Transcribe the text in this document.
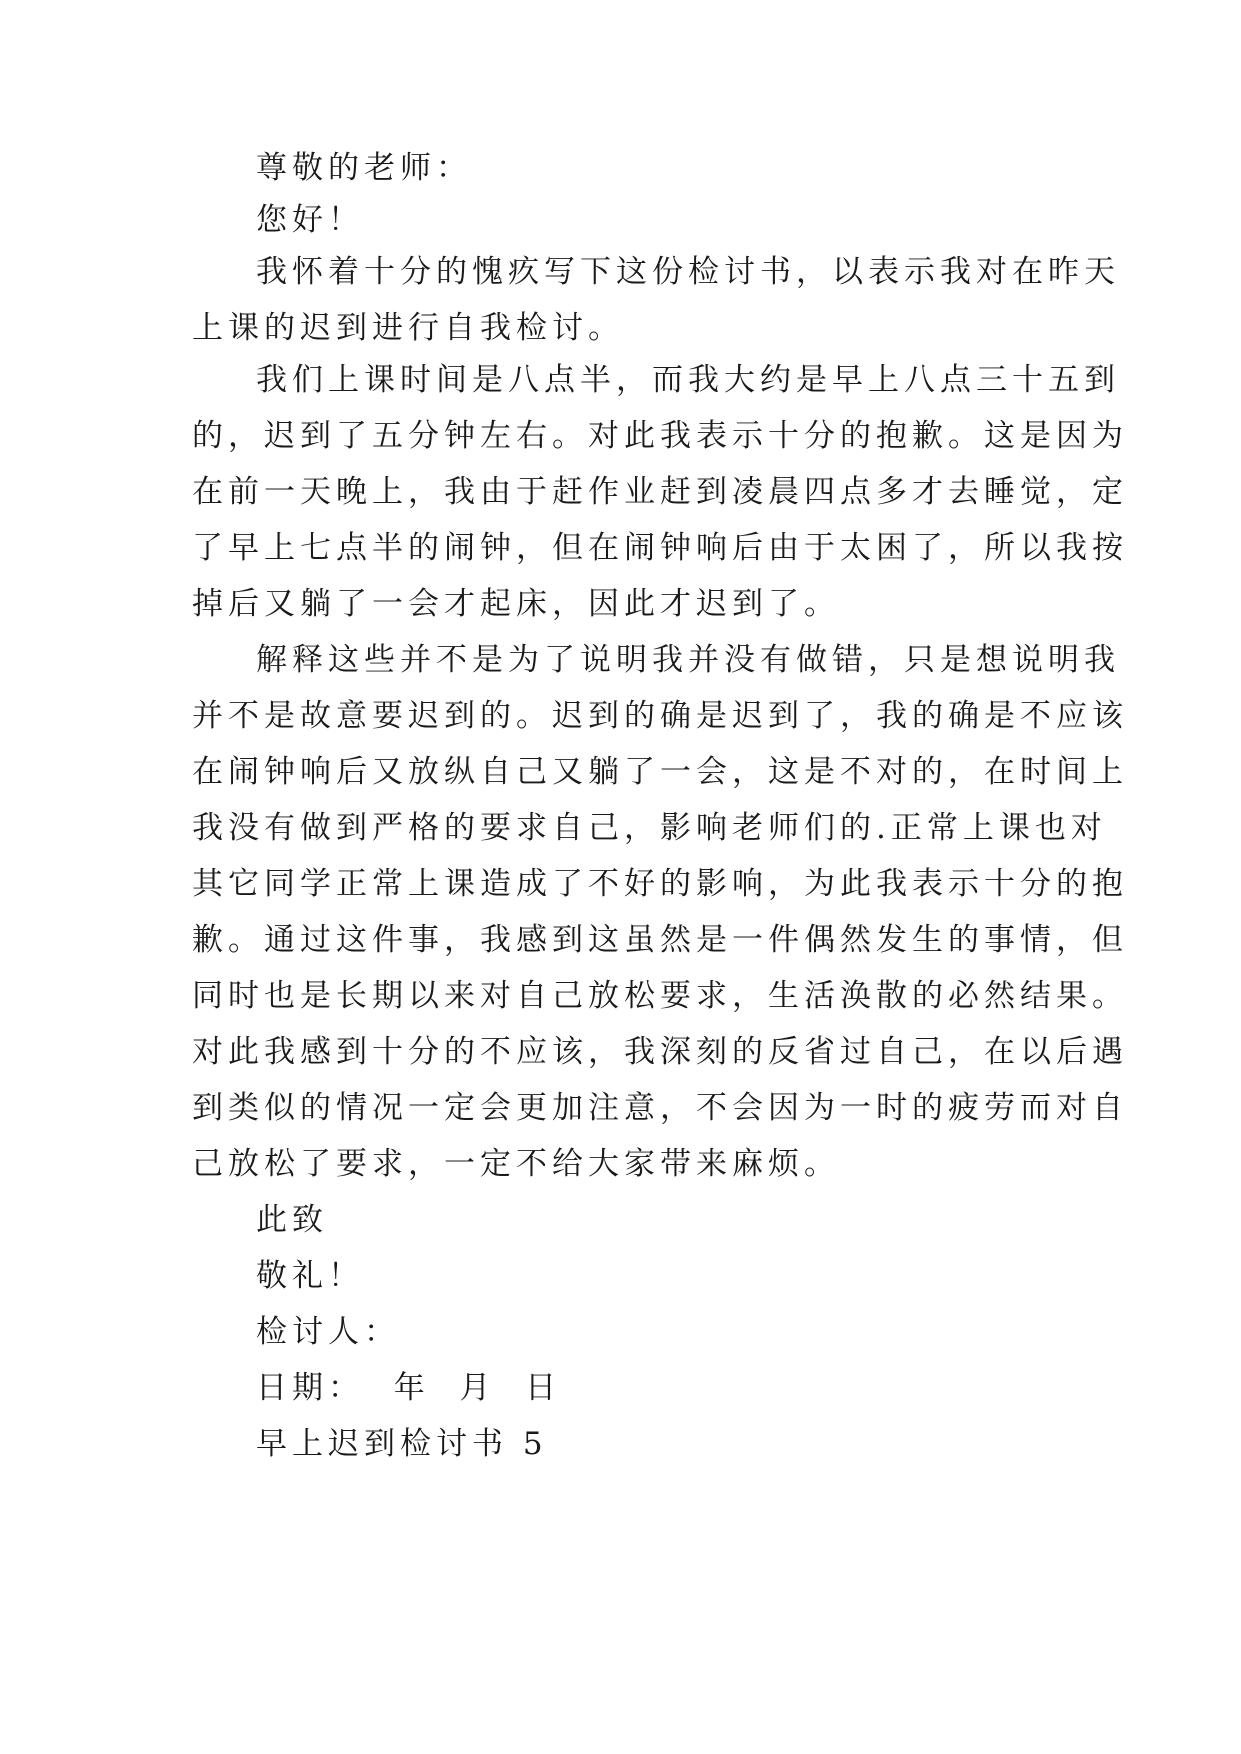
尊敬的老师：
您好！
我怀着十分的愧疚写下这份检讨书，以表示我对在昨天
上课的迟到进行自我检讨。
我们上课时间是八点半，而我大约是早上八点三十五到
的，迟到了五分钟左右。对此我表示十分的抱歉。这是因为
在前一天晚上，我由于赶作业赶到凌晨四点多才去睡觉，定
了早上七点半的闹钟，但在闹钟响后由于太困了，所以我按
掉后又躺了一会才起床，因此才迟到了。
解释这些并不是为了说明我并没有做错，只是想说明我
并不是故意要迟到的。迟到的确是迟到了，我的确是不应该
在闹钟响后又放纵自己又躺了一会，这是不对的，在时间上
我没有做到严格的要求自己，影响老师们的.正常上课也对
其它同学正常上课造成了不好的影响，为此我表示十分的抱
歉。通过这件事，我感到这虽然是一件偶然发生的事情，但
同时也是长期以来对自己放松要求，生活涣散的必然结果。
对此我感到十分的不应该，我深刻的反省过自己，在以后遇
到类似的情况一定会更加注意，不会因为一时的疲劳而对自
己放松了要求，一定不给大家带来麻烦。
此致
敬礼！
检讨人：
日期：  年  月  日
早上迟到检讨书 5
